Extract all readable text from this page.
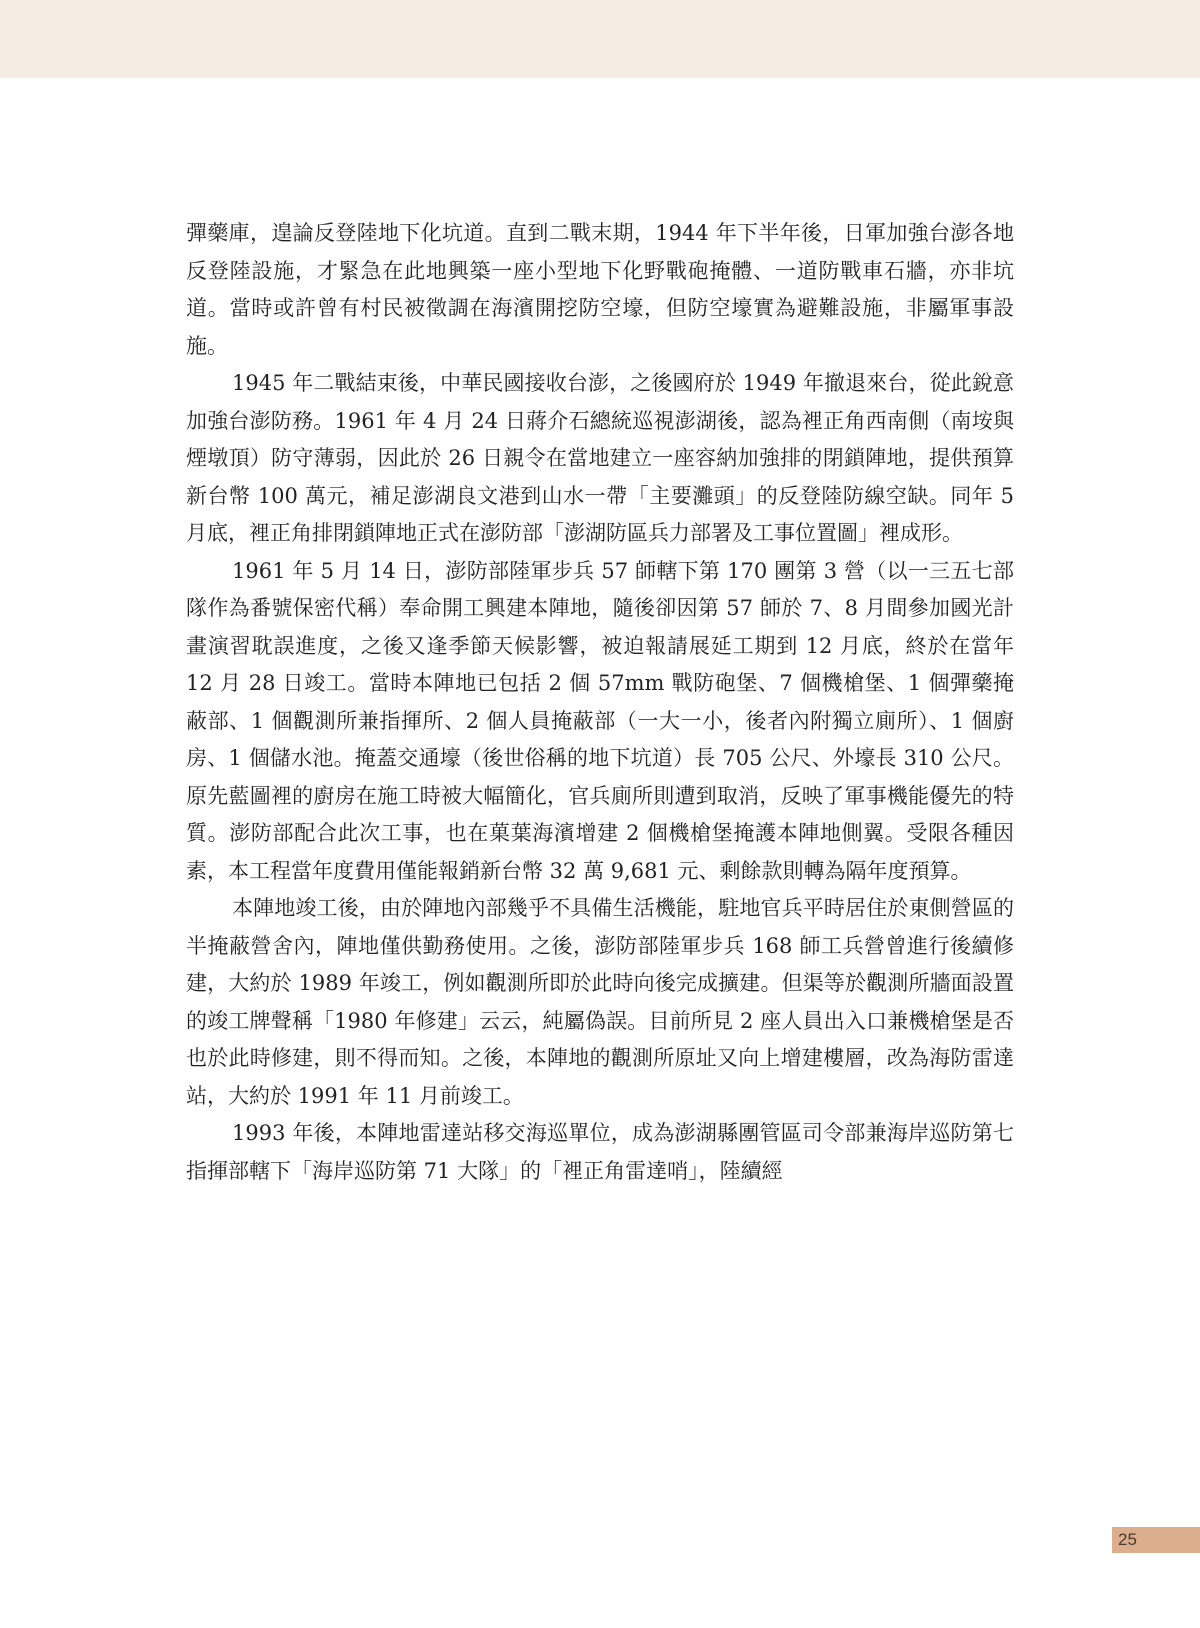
彈藥庫，遑論反登陸地下化坑道。直到二戰末期，1944 年下半年後，日軍加強台澎各地反登陸設施，才緊急在此地興築一座小型地下化野戰砲掩體、一道防戰車石牆，亦非坑道。當時或許曾有村民被徵調在海濱開挖防空壕，但防空壕實為避難設施，非屬軍事設施。

1945 年二戰結束後，中華民國接收台澎，之後國府於 1949 年撤退來台，從此銳意加強台澎防務。1961 年 4 月 24 日蔣介石總統巡視澎湖後，認為裡正角西南側（南垵與煙墩頂）防守薄弱，因此於 26 日親令在當地建立一座容納加強排的閉鎖陣地，提供預算新台幣 100 萬元，補足澎湖良文港到山水一帶「主要灘頭」的反登陸防線空缺。同年 5 月底，裡正角排閉鎖陣地正式在澎防部「澎湖防區兵力部署及工事位置圖」裡成形。

1961 年 5 月 14 日，澎防部陸軍步兵 57 師轄下第 170 團第 3 營（以一三五七部隊作為番號保密代稱）奉命開工興建本陣地，隨後卻因第 57 師於 7、8 月間參加國光計畫演習耽誤進度，之後又逢季節天候影響，被迫報請展延工期到 12 月底，終於在當年 12 月 28 日竣工。當時本陣地已包括 2 個 57mm 戰防砲堡、7 個機槍堡、1 個彈藥掩蔽部、1 個觀測所兼指揮所、2 個人員掩蔽部（一大一小，後者內附獨立廁所）、1 個廚房、1 個儲水池。掩蓋交通壕（後世俗稱的地下坑道）長 705 公尺、外壕長 310 公尺。原先藍圖裡的廚房在施工時被大幅簡化，官兵廁所則遭到取消，反映了軍事機能優先的特質。澎防部配合此次工事，也在菓葉海濱增建 2 個機槍堡掩護本陣地側翼。受限各種因素，本工程當年度費用僅能報銷新台幣 32 萬 9,681 元、剩餘款則轉為隔年度預算。

本陣地竣工後，由於陣地內部幾乎不具備生活機能，駐地官兵平時居住於東側營區的半掩蔽營舍內，陣地僅供勤務使用。之後，澎防部陸軍步兵 168 師工兵營曾進行後續修建，大約於 1989 年竣工，例如觀測所即於此時向後完成擴建。但渠等於觀測所牆面設置的竣工牌聲稱「1980 年修建」云云，純屬偽誤。目前所見 2 座人員出入口兼機槍堡是否也於此時修建，則不得而知。之後，本陣地的觀測所原址又向上增建樓層，改為海防雷達站，大約於 1991 年 11 月前竣工。

1993 年後，本陣地雷達站移交海巡單位，成為澎湖縣團管區司令部兼海岸巡防第七指揮部轄下「海岸巡防第 71 大隊」的「裡正角雷達哨」，陸續經

25
